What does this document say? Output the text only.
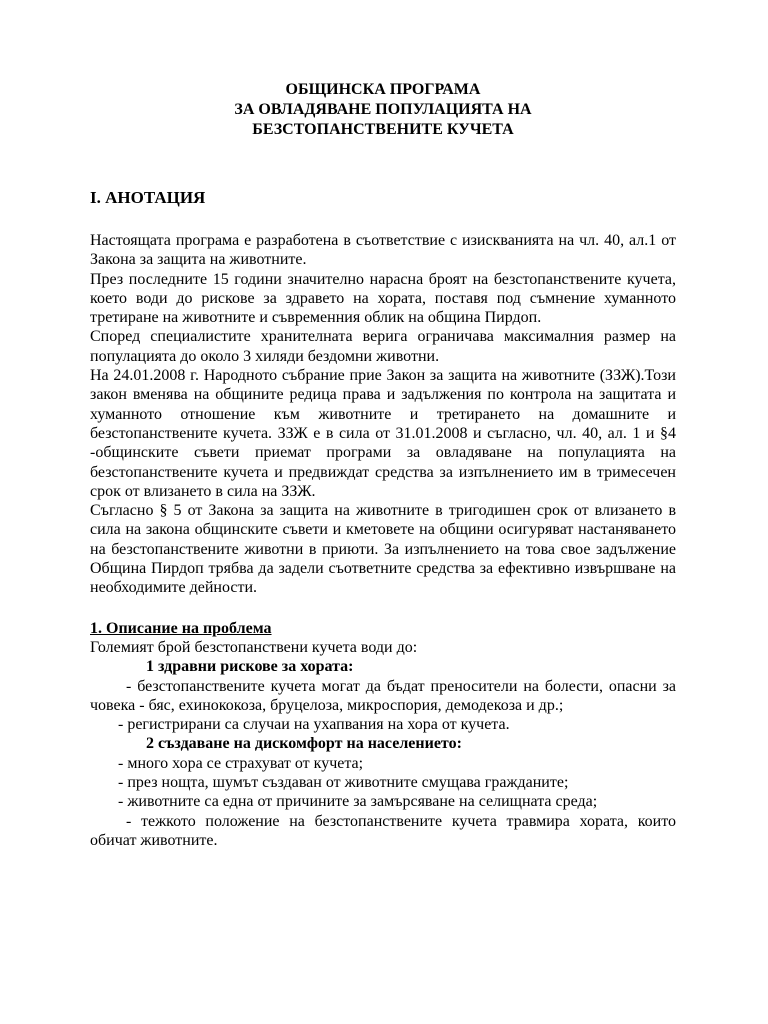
ОБЩИНСКА ПРОГРАМА
ЗА ОВЛАДЯВАНЕ ПОПУЛАЦИЯТА НА
БЕЗСТОПАНСТВЕНИТЕ КУЧЕТА
I. АНОТАЦИЯ

Настоящата програма е разработена в съответствие с изискванията на чл. 40, ал.1 от Закона за защита на животните.

През последните 15 години значително нарасна броят на безстопанствените кучета, което води до рискове за здравето на хората, поставя под съмнение хуманното третиране на животните и съвременния облик на община Пирдоп.

Според специалистите хранителната верига ограничава максималния размер на популацията до около 3 хиляди бездомни животни.

На 24.01.2008 г. Народното събрание прие Закон за защита на животните (ЗЗЖ).Този закон вменява на общините редица права и задължения по контрола на защитата и хуманното отношение към животните и третирането на домашните и безстопанствените кучета. ЗЗЖ е в сила от 31.01.2008 и съгласно, чл. 40, ал. 1 и §4 -общинските съвети приемат програми за овладяване на популацията на безстопанствените кучета и предвиждат средства за изпълнението им в тримесечен срок от влизането в сила на ЗЗЖ.

Съгласно § 5 от Закона за защита на животните в тригодишен срок от влизането в сила на закона общинските съвети и кметовете на общини осигуряват настаняването на безстопанствените животни в приюти. За изпълнението на това свое задължение Община Пирдоп трябва да задели съответните средства за ефективно извършване на необходимите дейности.

1. Описание на проблема

Големият брой безстопанствени кучета води до:

1 здравни рискове за хората:

- безстопанствените кучета могат да бъдат преносители на болести, опасни за човека - бяс, ехинококоза, бруцелоза, микроспория, демодекоза и др.;

- регистрирани са случаи на ухапвания на хора от кучета.

2 създаване на дискомфорт на населението:

- много хора се страхуват от кучета;

- през нощта, шумът създаван от животните смущава гражданите;

- животните са една от причините за замърсяване на селищната среда;

- тежкото положение на безстопанствените кучета травмира хората, които обичат животните.
